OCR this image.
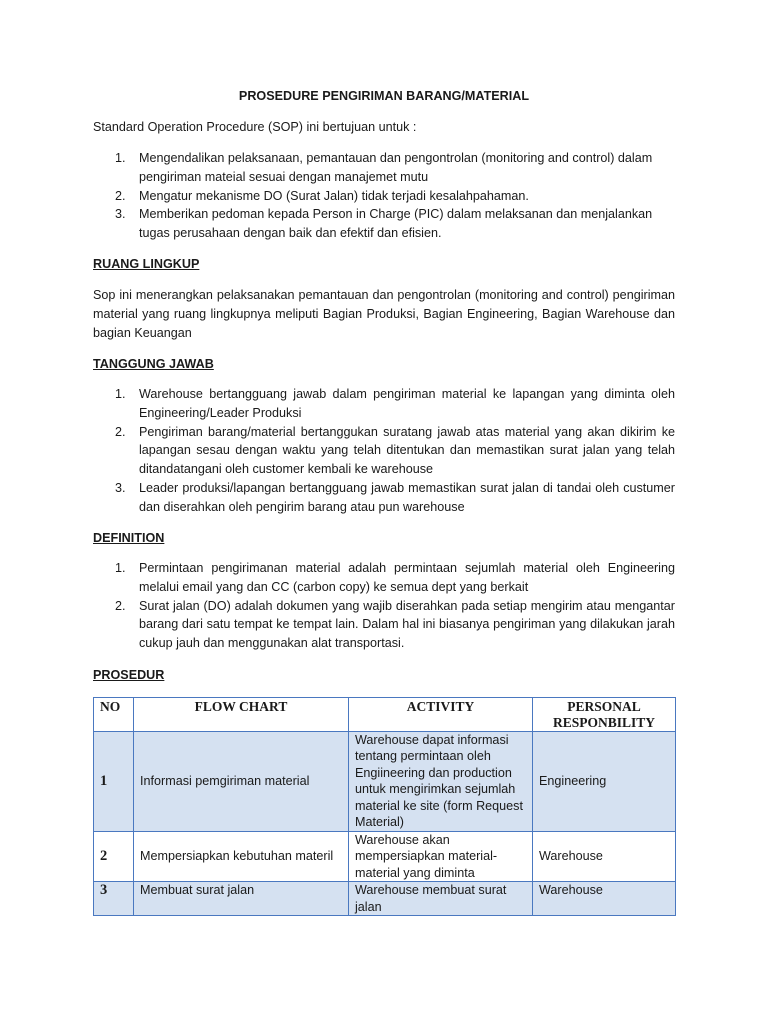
PROSEDURE PENGIRIMAN BARANG/MATERIAL
Standard Operation Procedure (SOP) ini bertujuan untuk :
1. Mengendalikan pelaksanaan, pemantauan dan pengontrolan (monitoring and control) dalam pengiriman mateial sesuai dengan manajemet mutu
2. Mengatur mekanisme DO (Surat Jalan) tidak terjadi kesalahpahaman.
3. Memberikan pedoman kepada Person in Charge (PIC) dalam melaksanan dan menjalankan tugas perusahaan dengan baik dan efektif dan efisien.
RUANG LINGKUP
Sop ini menerangkan pelaksanakan pemantauan dan pengontrolan (monitoring and control) pengiriman material yang ruang lingkupnya meliputi Bagian Produksi, Bagian Engineering, Bagian Warehouse dan bagian Keuangan
TANGGUNG JAWAB
1. Warehouse bertangguang jawab dalam pengiriman material ke lapangan yang diminta oleh Engineering/Leader Produksi
2. Pengiriman barang/material bertanggukan suratang jawab atas material yang akan dikirim ke lapangan sesau dengan waktu yang telah ditentukan dan memastikan surat jalan yang telah ditandatangani oleh customer kembali ke warehouse
3. Leader produksi/lapangan bertangguang jawab memastikan surat jalan di tandai oleh custumer dan diserahkan oleh pengirim barang atau pun warehouse
DEFINITION
1. Permintaan pengirimanan material adalah permintaan sejumlah material oleh Engineering melalui email yang dan CC (carbon copy) ke semua dept yang berkait
2. Surat jalan (DO) adalah dokumen yang wajib diserahkan pada setiap mengirim atau mengantar barang dari satu tempat ke tempat lain. Dalam hal ini biasanya pengiriman yang dilakukan jarah cukup jauh dan menggunakan alat transportasi.
PROSEDUR
NO	FLOW CHART	ACTIVITY	PERSONAL RESPONBILITY
1	Informasi pemgiriman material	Warehouse dapat informasi tentang permintaan oleh Engiineering dan production untuk mengirimkan sejumlah material ke site (form Request Material)	Engineering
2	Mempersiapkan kebutuhan materil	Warehouse akan mempersiapkan material-material yang diminta	Warehouse
3	Membuat surat jalan	Warehouse membuat surat jalan	Warehouse
